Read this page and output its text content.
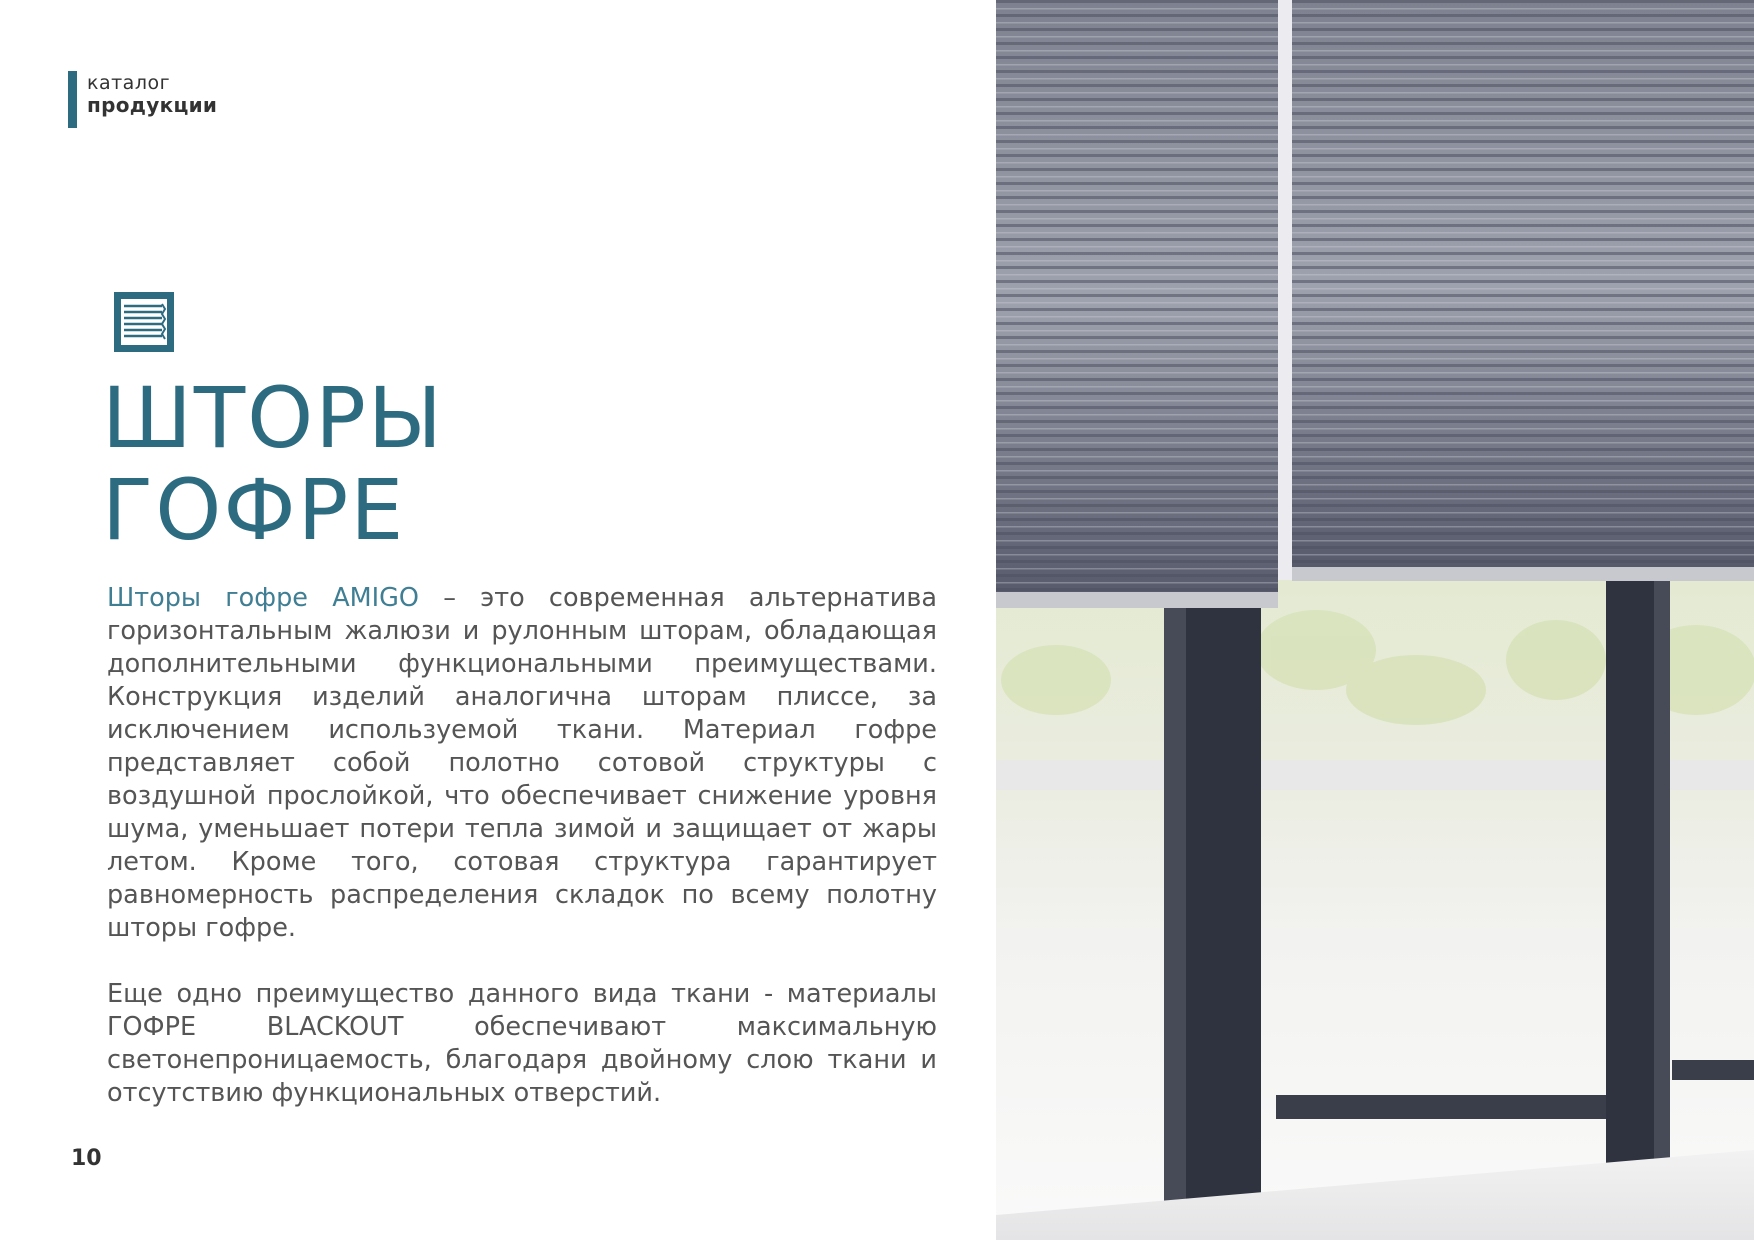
каталог
продукции
ШТОРЫ
ГОФРЕ

Шторы гофре AMIGO – это современная альтернатива горизонтальным жалюзи и рулонным шторам, обладающая дополнительными функциональными преимуществами. Конструкция изделий аналогична шторам плиссе, за исключением используемой ткани. Материал гофре представляет собой полотно сотовой структуры с воздушной прослойкой, что обеспечивает снижение уровня шума, уменьшает потери тепла зимой и защищает от жары летом. Кроме того, сотовая структура гарантирует равномерность распределения складок по всему полотну шторы гофре.

Еще одно преимущество данного вида ткани - материалы ГОФРЕ BLACKOUT обеспечивают максимальную светонепроницаемость, благодаря двойному слою ткани и отсутствию функциональных отверстий.

10
